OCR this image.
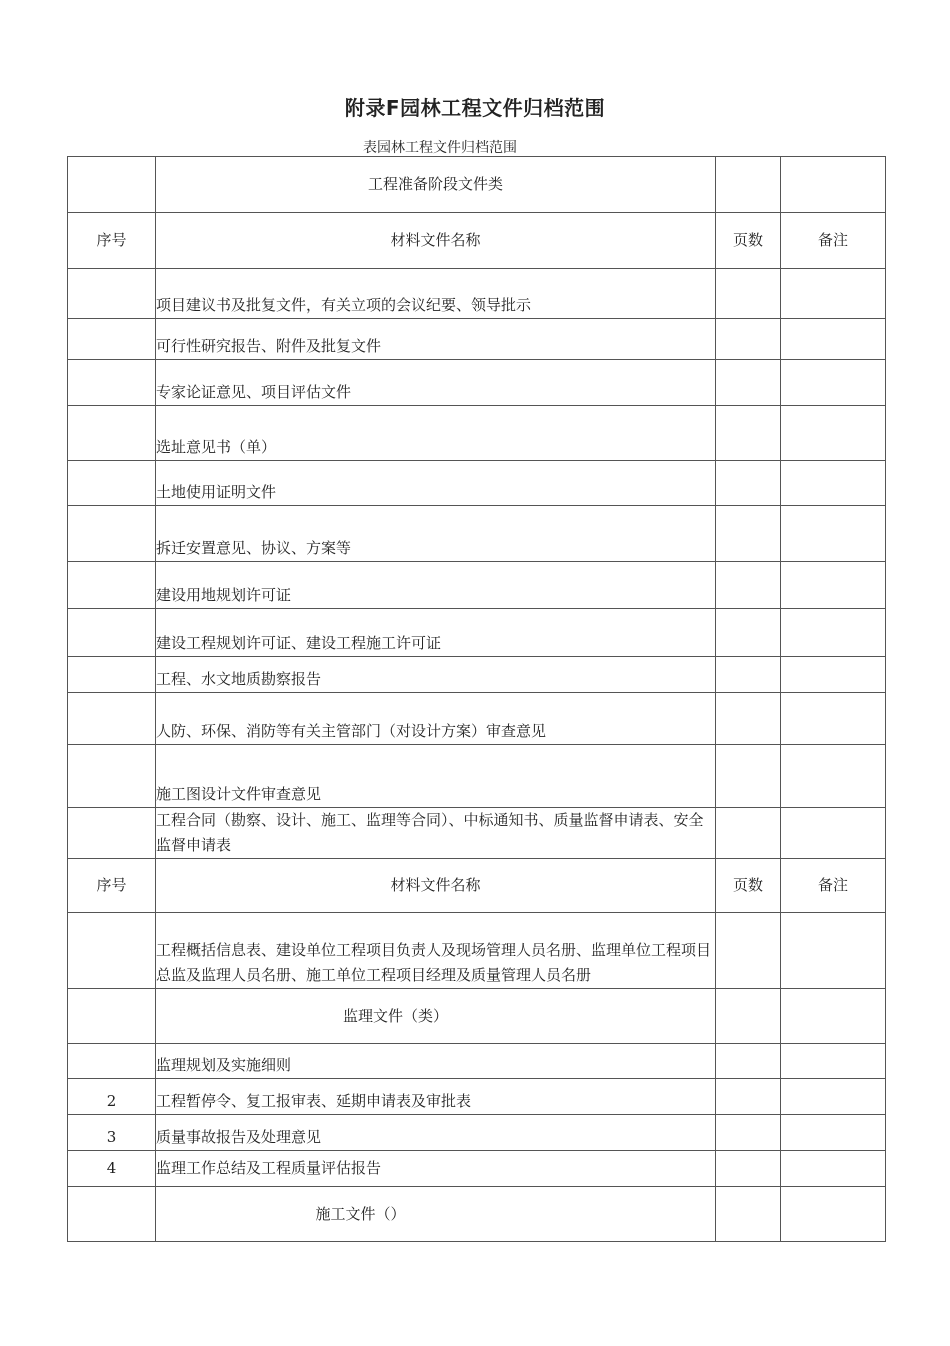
附录F园林工程文件归档范围
表园林工程文件归档范围
	工程准备阶段文件类		
序号	材料文件名称	页数	备注
	项目建议书及批复文件，有关立项的会议纪要、领导批示		
	可行性研究报告、附件及批复文件		
	专家论证意见、项目评估文件		
	选址意见书（单）		
	土地使用证明文件		
	拆迁安置意见、协议、方案等		
	建设用地规划许可证		
	建设工程规划许可证、建设工程施工许可证		
	工程、水文地质勘察报告		
	人防、环保、消防等有关主管部门（对设计方案）审查意见		
	施工图设计文件审查意见		
	工程合同（勘察、设计、施工、监理等合同）、中标通知书、质量监督申请表、安全监督申请表		
序号	材料文件名称	页数	备注
	工程概括信息表、建设单位工程项目负责人及现场管理人员名册、监理单位工程项目总监及监理人员名册、施工单位工程项目经理及质量管理人员名册		
	监理文件（类）		
	监理规划及实施细则		
2	工程暂停令、复工报审表、延期申请表及审批表		
3	质量事故报告及处理意见		
4	监理工作总结及工程质量评估报告		
	施工文件（）		
